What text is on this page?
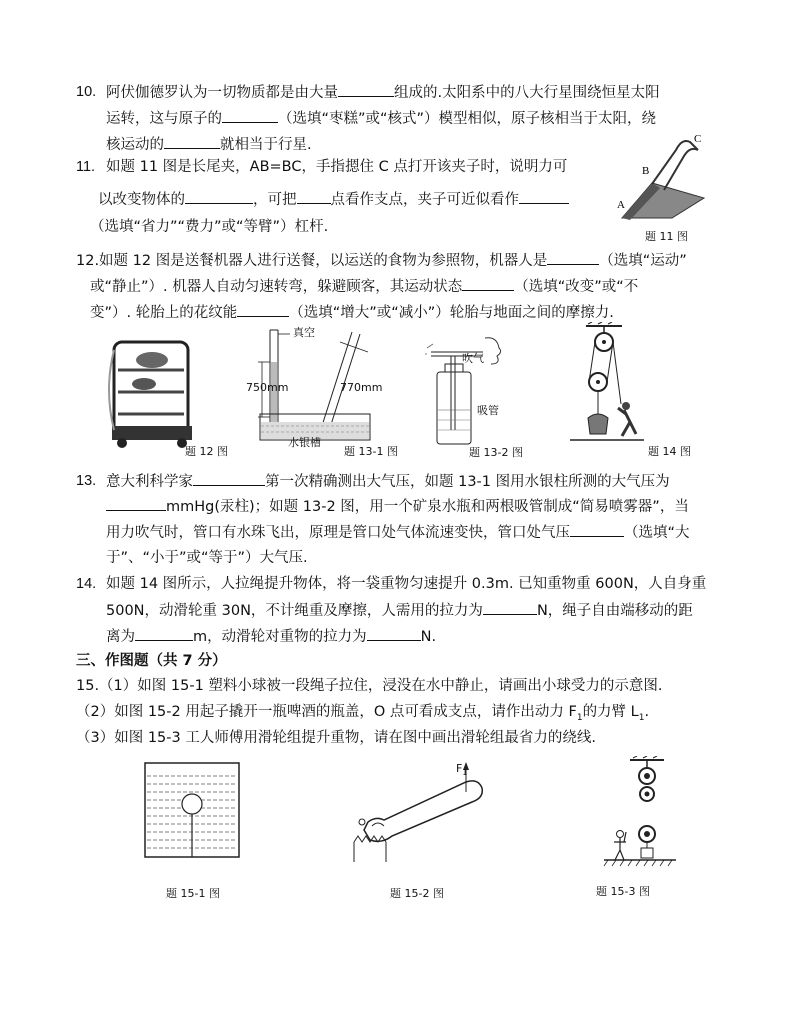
10. 阿伏伽德罗认为一切物质都是由大量	组成的.太阳系中的八大行星围绕恒星太阳
运转，这与原子的	（选填“枣糕”或“核式”）模型相似，原子核相当于太阳，绕
核运动的	就相当于行星.
11. 如题 11 图是长尾夹，AB=BC，手指摁住 C 点打开该夹子时，说明力可
以改变物体的	，可把 点看作支点，夹子可近似看作
（选填“省力”“费力”或“等臂”）杠杆.
A
B
C
题 11 图
12.如题 12 图是送餐机器人进行送餐，以运送的食物为参照物，机器人是	（选填“运动”
或“静止”）. 机器人自动匀速转弯，躲避顾客，其运动状态	（选填“改变”或“不
变”）. 轮胎上的花纹能	（选填“增大”或“减小”）轮胎与地面之间的摩擦力.
题 12 图
真空
750mm	770mm
水银槽
题 13-1 图
吹气
吸管
题 13-2 图	题 14 图
13. 意大利科学家	第一次精确测出大气压，如题 13-1 图用水银柱所测的大气压为
mmHg(汞柱)；如题 13-2 图，用一个矿泉水瓶和两根吸管制成“简易喷雾器”，当
用力吹气时，管口有水珠飞出，原理是管口处气体流速变快，管口处气压	（选填“大
于”、“小于”或“等于”）大气压.
14. 如题 14 图所示，人拉绳提升物体，将一袋重物匀速提升 0.3m. 已知重物重 600N，人自身重
500N，动滑轮重 30N，不计绳重及摩擦，人需用的拉力为	N，绳子自由端移动的距
离为	m，动滑轮对重物的拉力为	N.
三、作图题（共 7 分）
15.（1）如图 15-1 塑料小球被一段绳子拉住，浸没在水中静止，请画出小球受力的示意图.
（2）如图 15-2 用起子撬开一瓶啤酒的瓶盖，O 点可看成支点，请作出动力 $F_1$的力臂 $L_1$.
（3）如图 15-3 工人师傅用滑轮组提升重物，请在图中画出滑轮组最省力的绕线.
题 15-1 图
$F_1$
题 15-2 图	题 15-3 图
